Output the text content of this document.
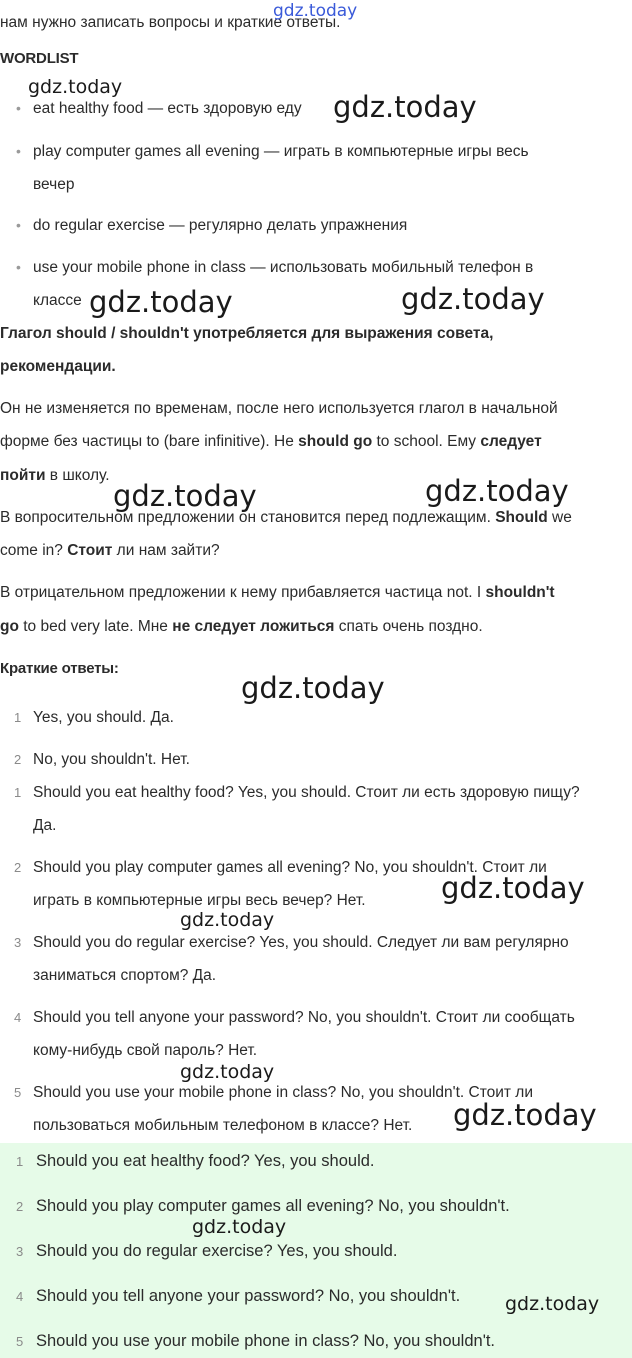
нам нужно записать вопросы и краткие ответы.
WORDLIST
• eat healthy food — есть здоровую еду
• play computer games all evening — играть в компьютерные игры весь
вечер
• do regular exercise — регулярно делать упражнения
• use your mobile phone in class — использовать мобильный телефон в
классе
Глагол should / shouldn't употребляется для выражения совета,
рекомендации.
Он не изменяется по временам, после него используется глагол в начальной
форме без частицы to (bare infinitive). Не should go to school. Ему следует
пойти в школу.
В вопросительном предложении он становится перед подлежащим. Should we
come in? Стоит ли нам зайти?
В отрицательном предложении к нему прибавляется частица not. I shouldn't
go to bed very late. Мне не следует ложиться спать очень поздно.
Краткие ответы:
1 Yes, you should. Да.
2 No, you shouldn't. Нет.
1 Should you eat healthy food? Yes, you should. Стоит ли есть здоровую пищу?
Да.
2 Should you play computer games all evening? No, you shouldn't. Стоит ли
играть в компьютерные игры весь вечер? Нет.
3 Should you do regular exercise? Yes, you should. Следует ли вам регулярно
заниматься спортом? Да.
4 Should you tell anyone your password? No, you shouldn't. Стоит ли сообщать
кому-нибудь свой пароль? Нет.
5 Should you use your mobile phone in class? No, you shouldn't. Стоит ли
пользоваться мобильным телефоном в классе? Нет.
1 Should you eat healthy food? Yes, you should.
2 Should you play computer games all evening? No, you shouldn't.
3 Should you do regular exercise? Yes, you should.
4 Should you tell anyone your password? No, you shouldn't.
5 Should you use your mobile phone in class? No, you shouldn't.
gdz.today
gdz.today
gdz.today
gdz.today	gdz.today
gdz.today	gdz.today
gdz.today
gdz.today
gdz.today
gdz.today
gdz.today
gdz.today
gdz.today
